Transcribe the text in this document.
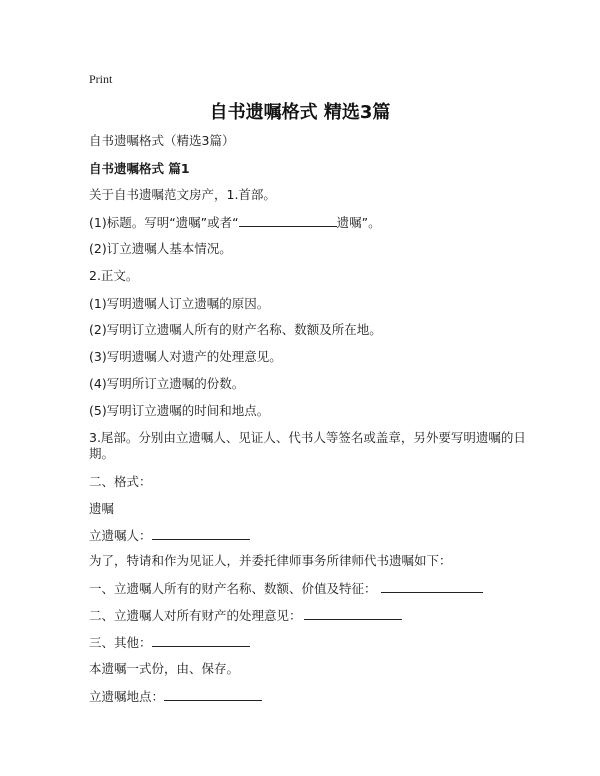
Print
自书遗嘱格式 精选3篇
自书遗嘱格式（精选3篇）
自书遗嘱格式 篇1
关于自书遗嘱范文房产，1.首部。
(1)标题。写明“遗嘱”或者“	遗嘱”。
(2)订立遗嘱人基本情况。
2.正文。
(1)写明遗嘱人订立遗嘱的原因。
(2)写明订立遗嘱人所有的财产名称、数额及所在地。
(3)写明遗嘱人对遗产的处理意见。
(4)写明所订立遗嘱的份数。
(5)写明订立遗嘱的时间和地点。
3.尾部。分别由立遗嘱人、见证人、代书人等签名或盖章，另外要写明遗嘱的日期。
二、格式：
遗嘱
立遗嘱人：
为了，特请和作为见证人，并委托律师事务所律师代书遗嘱如下：
一、立遗嘱人所有的财产名称、数额、价值及特征：
二、立遗嘱人对所有财产的处理意见：
三、其他：
本遗嘱一式份，由、保存。
立遗嘱地点：
